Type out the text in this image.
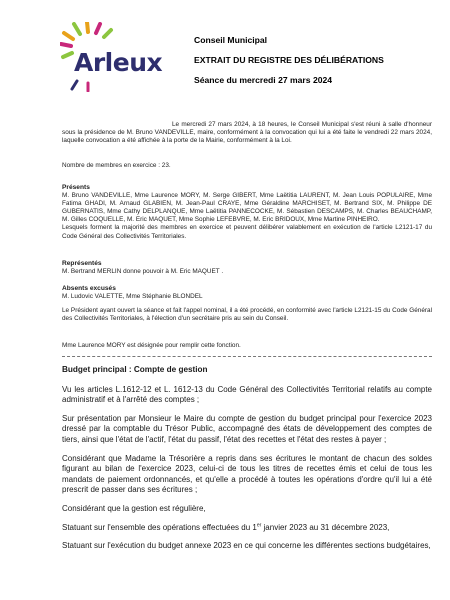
Arleux
Conseil Municipal
EXTRAIT DU REGISTRE DES DÉLIBÉRATIONS
Séance du mercredi 27 mars 2024

Le mercredi 27 mars 2024, à 18 heures, le Conseil Municipal s'est réuni à salle d'honneur sous la présidence de M. Bruno VANDEVILLE, maire, conformément à la convocation qui lui a été faite le vendredi 22 mars 2024, laquelle convocation a été affichée à la porte de la Mairie, conformément à la Loi.

Nombre de membres en exercice : 23.

Présents

M. Bruno VANDEVILLE, Mme Laurence MORY, M. Serge GIBERT, Mme Laëtitia LAURENT, M. Jean Louis POPULAIRE, Mme Fatima GHADI, M. Arnaud GLABIEN, M. Jean-Paul CRAYE, Mme Géraldine MARCHISET, M. Bertrand SIX, M. Philippe DE GUBERNATIS, Mme Cathy DELPLANQUE, Mme Laëtitia PANNECOCKE, M. Sébastien DESCAMPS, M. Charles BEAUCHAMP, M. Gilles COQUELLE, M. Eric MAQUET, Mme Sophie LEFEBVRE, M. Eric BRIDOUX, Mme Martine PINHEIRO.

Lesquels forment la majorité des membres en exercice et peuvent délibérer valablement en exécution de l'article L2121-17 du Code Général des Collectivités Territoriales.

Représentés

M. Bertrand MERLIN donne pouvoir à M. Eric MAQUET .

Absents excusés

M. Ludovic VALETTE, Mme Stéphanie BLONDEL

Le Président ayant ouvert la séance et fait l'appel nominal, il a été procédé, en conformité avec l'article L2121-15 du Code Général des Collectivités Territoriales, à l'élection d'un secrétaire pris au sein du Conseil.

Mme Laurence MORY est désignée pour remplir cette fonction.

Budget principal : Compte de gestion

Vu les articles L.1612-12 et L. 1612-13 du Code Général des Collectivités Territorial relatifs au compte administratif et à l'arrêté des comptes ;

Sur présentation par Monsieur le Maire du compte de gestion du budget principal pour l'exercice 2023 dressé par la comptable du Trésor Public, accompagné des états de développement des comptes de tiers, ainsi que l'état de l'actif, l'état du passif, l'état des recettes et l'état des restes à payer ;

Considérant que Madame la Trésorière a repris dans ses écritures le montant de chacun des soldes figurant au bilan de l'exercice 2023, celui-ci de tous les titres de recettes émis et celui de tous les mandats de paiement ordonnancés, et qu'elle a procédé à toutes les opérations d'ordre qu'il lui a été prescrit de passer dans ses écritures ;

Considérant que la gestion est régulière,

Statuant sur l'ensemble des opérations effectuées du 1er janvier 2023 au 31 décembre 2023,

Statuant sur l'exécution du budget annexe 2023 en ce qui concerne les différentes sections budgétaires,
